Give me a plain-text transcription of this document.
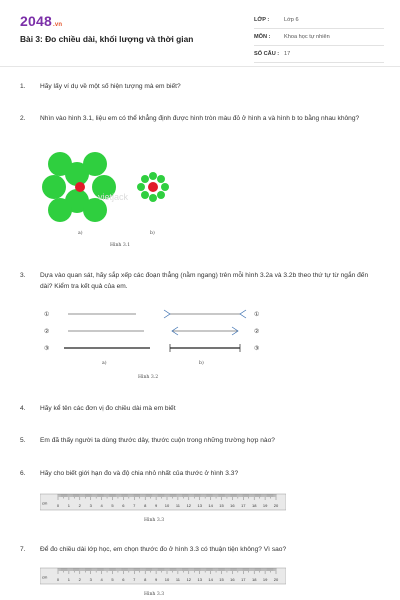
2048.vn
Bài 3: Đo chiều dài, khối lượng và thời gian
LỚP :	Lớp 6
MÔN : Khoa học tự nhiên
SỐ CÂU : 17
1. Hãy lấy ví dụ về một số hiện tượng mà em biết?
2. Nhìn vào hình 3.1, liệu em có thể khẳng định được hình tròn màu đỏ ở hình a và hình b to bằng nhau không?
vietjack
a)	b)
Hình 3.1
3. Dựa vào quan sát, hãy sắp xếp các đoạn thẳng (nằm ngang) trên mỗi hình 3.2a và 3.2b theo thứ tự từ ngắn đến dài? Kiểm tra kết quả của em.
①
②
③
①
②
③
a)	b)
Hình 3.2
4. Hãy kể tên các đơn vị đo chiều dài mà em biết
5. Em đã thấy người ta dùng thước dây, thước cuộn trong những trường hợp nào?
6. Hãy cho biết giới hạn đo và độ chia nhỏ nhất của thước ở hình 3.3?
cm 0 1 2 3 4 5 6 7 8 9 10 11 12 13 14 15 16 17 18 19 20
Hình 3.3
7. Để đo chiều dài lớp học, em chọn thước đo ở hình 3.3 có thuận tiện không? Vì sao?
cm 0 1 2 3 4 5 6 7 8 9 10 11 12 13 14 15 16 17 18 19 20
Hình 3.3
